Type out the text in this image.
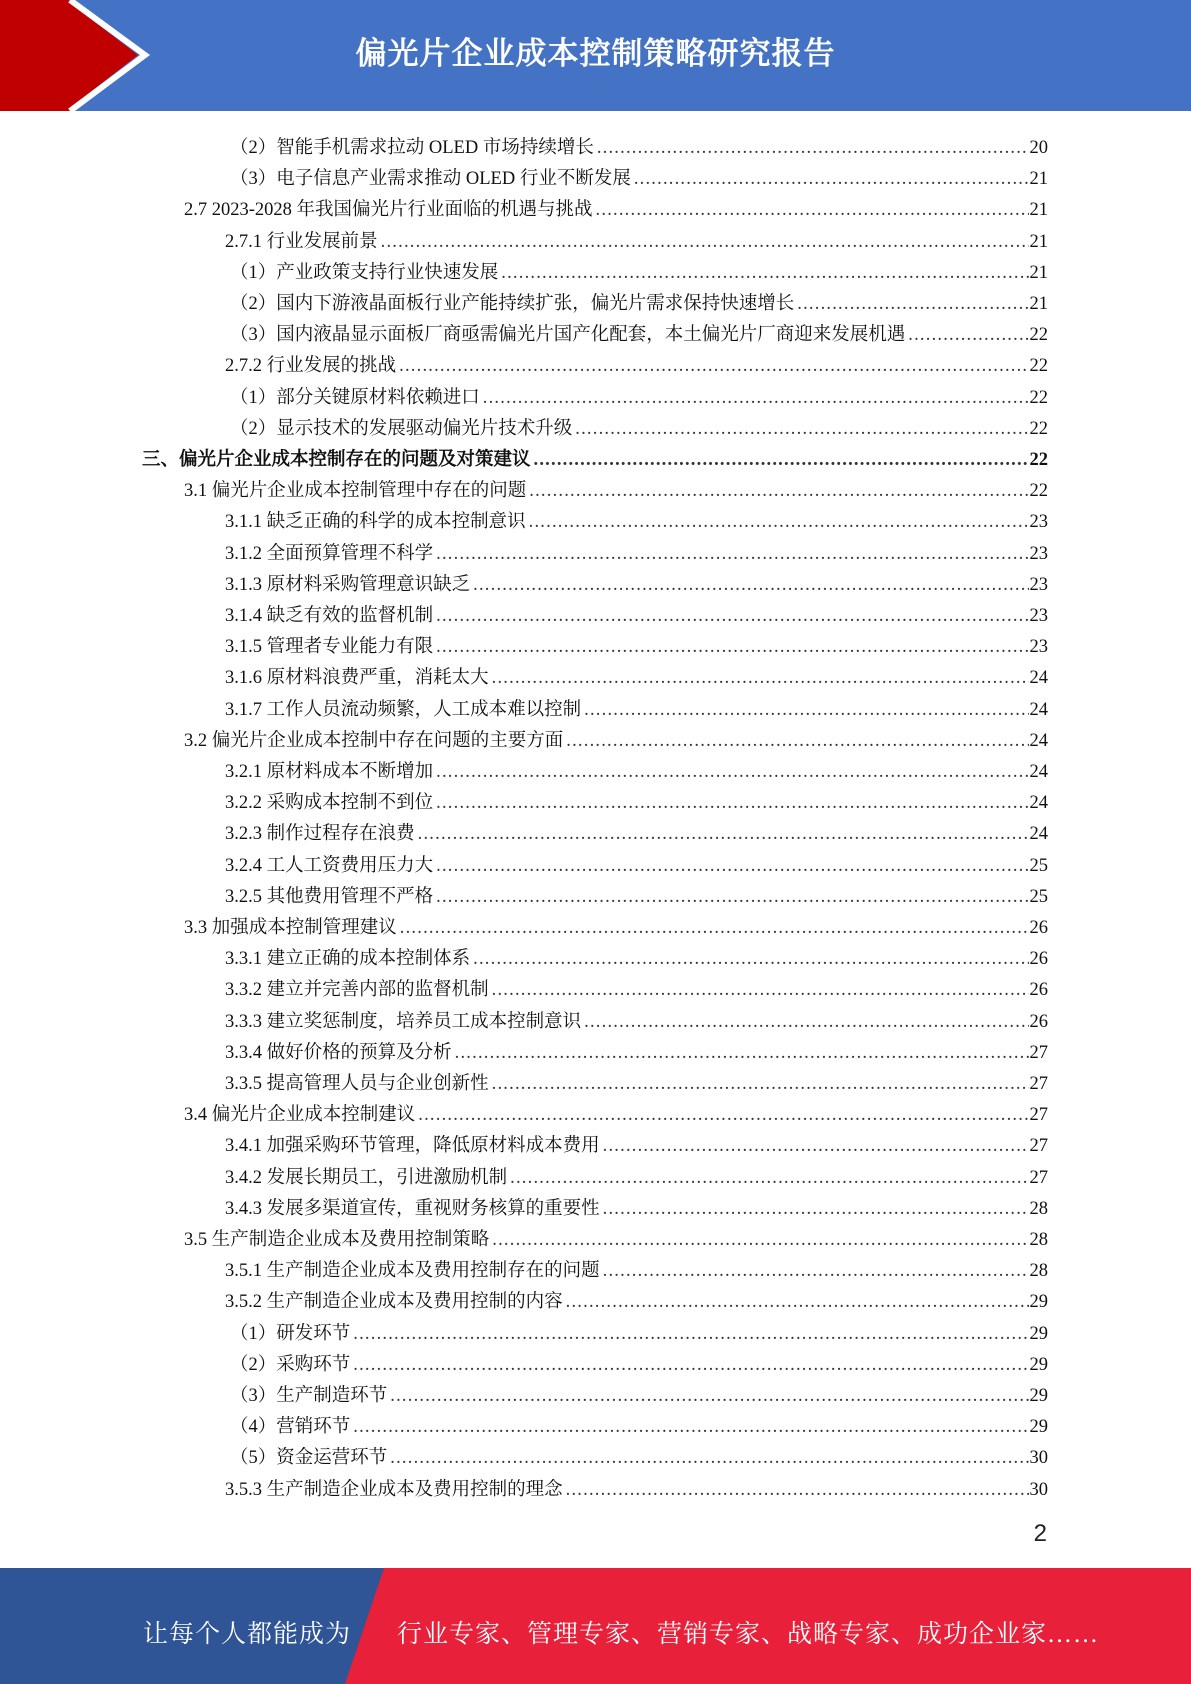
偏光片企业成本控制策略研究报告
（2）智能手机需求拉动 OLED 市场持续增长 .....	20
（3）电子信息产业需求推动 OLED 行业不断发展 .....	21
2.7 2023-2028 年我国偏光片行业面临的机遇与挑战 .....	21
2.7.1 行业发展前景 .....	21
（1）产业政策支持行业快速发展 .....	21
（2）国内下游液晶面板行业产能持续扩张，偏光片需求保持快速增长 .....	21
（3）国内液晶显示面板厂商亟需偏光片国产化配套，本土偏光片厂商迎来发展机遇 .....	22
2.7.2 行业发展的挑战 .....	22
（1）部分关键原材料依赖进口 .....	22
（2）显示技术的发展驱动偏光片技术升级 .....	22
三、偏光片企业成本控制存在的问题及对策建议 .....	22
3.1 偏光片企业成本控制管理中存在的问题 .....	22
3.1.1 缺乏正确的科学的成本控制意识 .....	23
3.1.2 全面预算管理不科学 .....	23
3.1.3 原材料采购管理意识缺乏 .....	23
3.1.4 缺乏有效的监督机制 .....	23
3.1.5 管理者专业能力有限 .....	23
3.1.6 原材料浪费严重，消耗太大 .....	24
3.1.7 工作人员流动频繁，人工成本难以控制 .....	24
3.2 偏光片企业成本控制中存在问题的主要方面 .....	24
3.2.1 原材料成本不断增加 .....	24
3.2.2 采购成本控制不到位 .....	24
3.2.3 制作过程存在浪费 .....	24
3.2.4 工人工资费用压力大 .....	25
3.2.5 其他费用管理不严格 .....	25
3.3 加强成本控制管理建议 .....	26
3.3.1 建立正确的成本控制体系 .....	26
3.3.2 建立并完善内部的监督机制 .....	26
3.3.3 建立奖惩制度，培养员工成本控制意识 .....	26
3.3.4 做好价格的预算及分析 .....	27
3.3.5 提高管理人员与企业创新性 .....	27
3.4 偏光片企业成本控制建议 .....	27
3.4.1 加强采购环节管理，降低原材料成本费用 .....	27
3.4.2 发展长期员工，引进激励机制 .....	27
3.4.3 发展多渠道宣传，重视财务核算的重要性 .....	28
3.5 生产制造企业成本及费用控制策略 .....	28
3.5.1 生产制造企业成本及费用控制存在的问题 .....	28
3.5.2 生产制造企业成本及费用控制的内容 .....	29
（1）研发环节 .....	29
（2）采购环节 .....	29
（3）生产制造环节 .....	29
（4）营销环节 .....	29
（5）资金运营环节 .....	30
3.5.3 生产制造企业成本及费用控制的理念 .....	30
2
让每个人都能成为 行业专家、管理专家、营销专家、战略专家、成功企业家……
